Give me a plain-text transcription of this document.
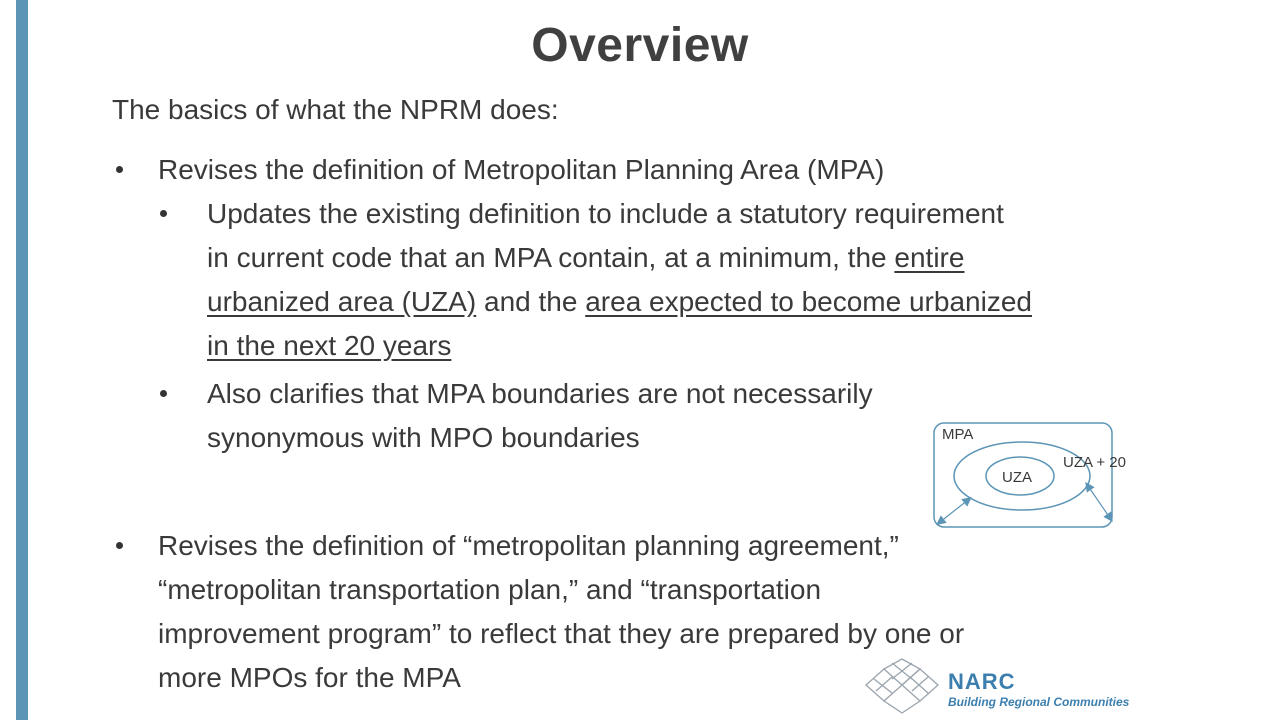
Overview
The basics of what the NPRM does:
Revises the definition of Metropolitan Planning Area (MPA)
Updates the existing definition to include a statutory requirement
in current code that an MPA contain, at a minimum, the entire
urbanized area (UZA) and the area expected to become urbanized
in the next 20 years
Also clarifies that MPA boundaries are not necessarily
synonymous with MPO boundaries
Revises the definition of “metropolitan planning agreement,”
“metropolitan transportation plan,” and “transportation
improvement program” to reflect that they are prepared by one or
more MPOs for the MPA
MPA
UZA + 20
UZA
NARC
Building Regional Communities
